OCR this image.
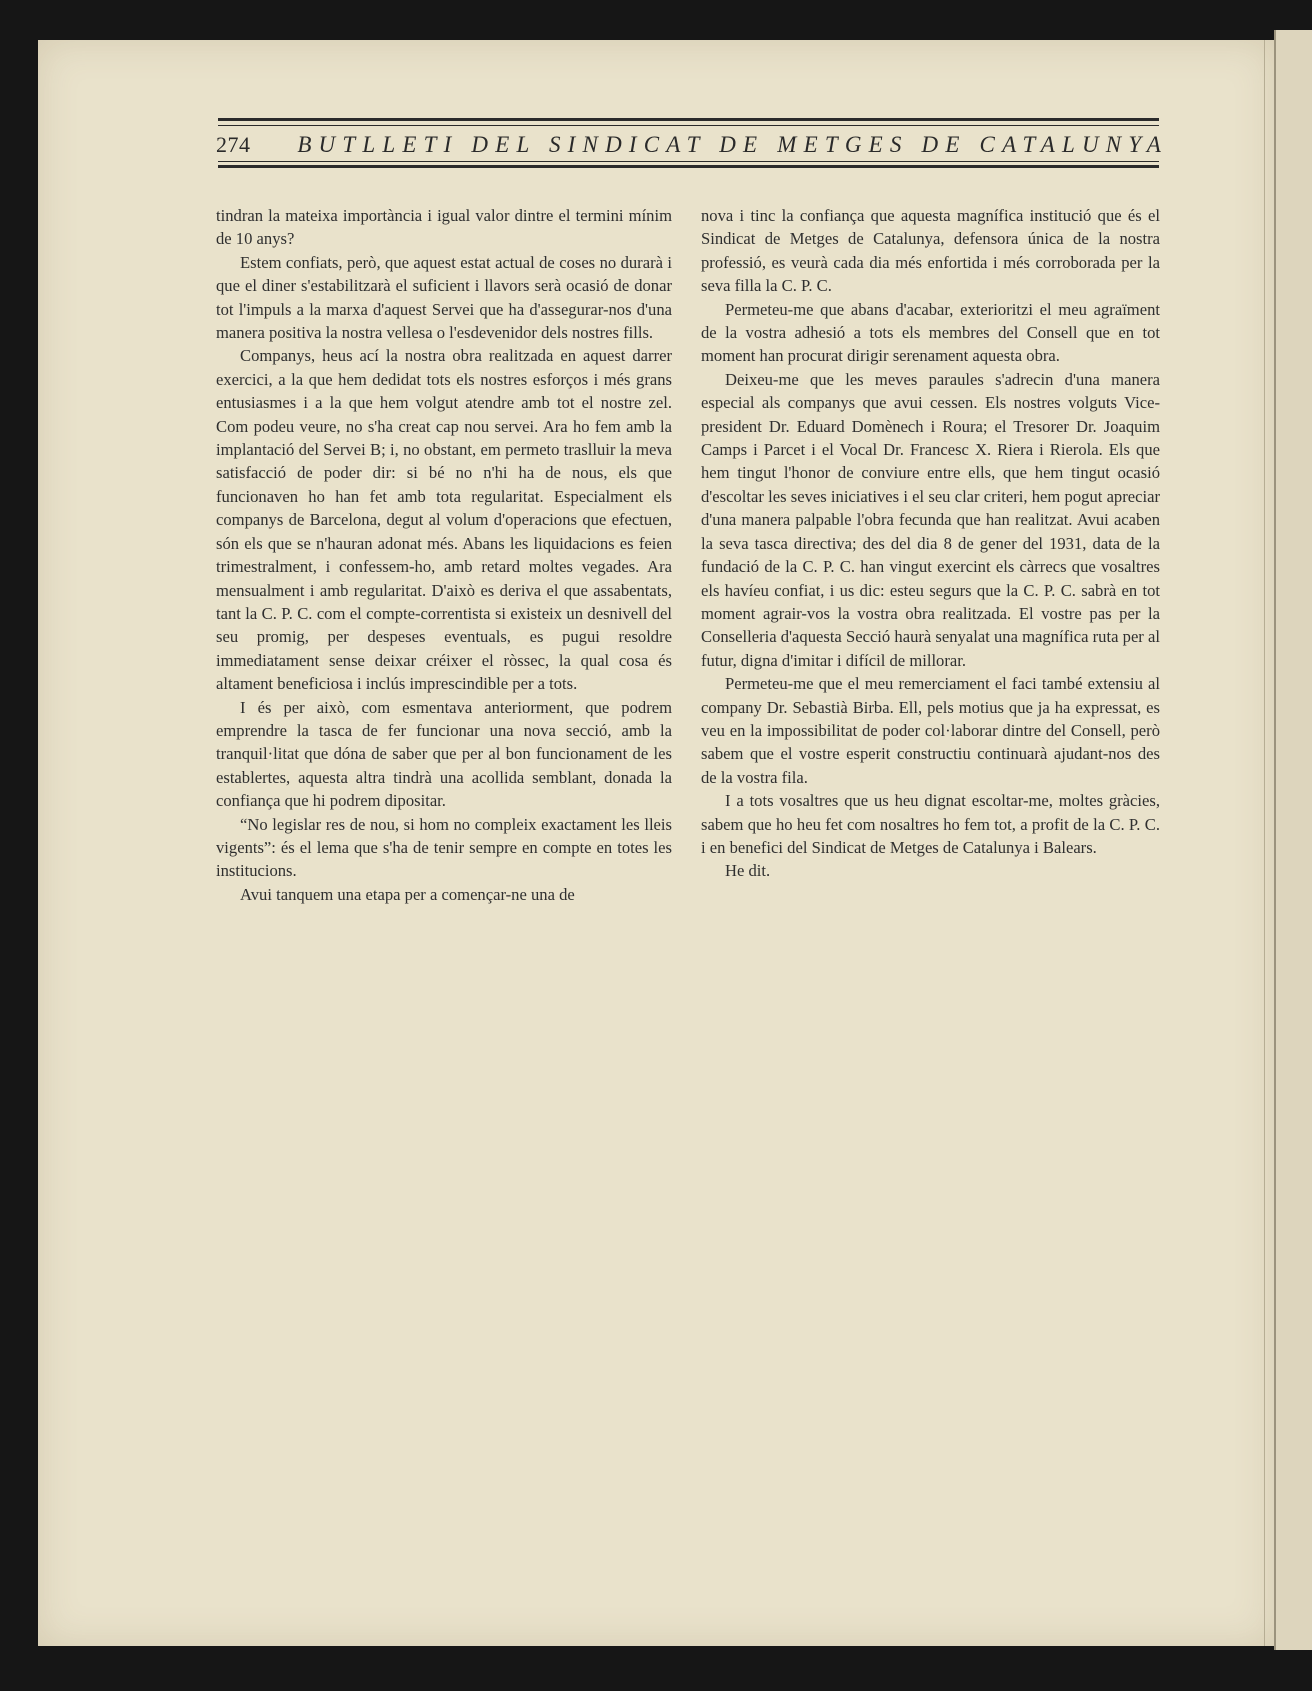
274 BUTLLETI DEL SINDICAT DE METGES DE CATALUNYA

tindran la mateixa importància i igual valor dintre el termini mínim de 10 anys?

Estem confiats, però, que aquest estat actual de coses no durarà i que el diner s'estabilitzarà el suficient i llavors serà ocasió de donar tot l'impuls a la marxa d'aquest Servei que ha d'assegurar-nos d'una manera positiva la nostra vellesa o l'esdevenidor dels nostres fills.

Companys, heus ací la nostra obra realitzada en aquest darrer exercici, a la que hem dedidat tots els nostres esforços i més grans entusiasmes i a la que hem volgut atendre amb tot el nostre zel. Com podeu veure, no s'ha creat cap nou servei. Ara ho fem amb la implantació del Servei B; i, no obstant, em permeto traslluir la meva satisfacció de poder dir: si bé no n'hi ha de nous, els que funcionaven ho han fet amb tota regularitat. Especialment els companys de Barcelona, degut al volum d'operacions que efectuen, són els que se n'hauran adonat més. Abans les liquidacions es feien trimestralment, i confessem-ho, amb retard moltes vegades. Ara mensualment i amb regularitat. D'això es deriva el que assabentats, tant la C. P. C. com el compte-correntista si existeix un desnivell del seu promig, per despeses eventuals, es pugui resoldre immediatament sense deixar créixer el ròssec, la qual cosa és altament beneficiosa i inclús imprescindible per a tots.

I és per això, com esmentava anteriorment, que podrem emprendre la tasca de fer funcionar una nova secció, amb la tranquil·litat que dóna de saber que per al bon funcionament de les establertes, aquesta altra tindrà una acollida semblant, donada la confiança que hi podrem dipositar.

“No legislar res de nou, si hom no compleix exactament les lleis vigents”: és el lema que s'ha de tenir sempre en compte en totes les institucions.

Avui tanquem una etapa per a començar-ne una de

nova i tinc la confiança que aquesta magnífica institució que és el Sindicat de Metges de Catalunya, defensora única de la nostra professió, es veurà cada dia més enfortida i més corroborada per la seva filla la C. P. C.

Permeteu-me que abans d'acabar, exterioritzi el meu agraïment de la vostra adhesió a tots els membres del Consell que en tot moment han procurat dirigir serenament aquesta obra.

Deixeu-me que les meves paraules s'adrecin d'una manera especial als companys que avui cessen. Els nostres volguts Vice-president Dr. Eduard Domènech i Roura; el Tresorer Dr. Joaquim Camps i Parcet i el Vocal Dr. Francesc X. Riera i Rierola. Els que hem tingut l'honor de conviure entre ells, que hem tingut ocasió d'escoltar les seves iniciatives i el seu clar criteri, hem pogut apreciar d'una manera palpable l'obra fecunda que han realitzat. Avui acaben la seva tasca directiva; des del dia 8 de gener del 1931, data de la fundació de la C. P. C. han vingut exercint els càrrecs que vosaltres els havíeu confiat, i us dic: esteu segurs que la C. P. C. sabrà en tot moment agrair-vos la vostra obra realitzada. El vostre pas per la Conselleria d'aquesta Secció haurà senyalat una magnífica ruta per al futur, digna d'imitar i difícil de millorar.

Permeteu-me que el meu remerciament el faci també extensiu al company Dr. Sebastià Birba. Ell, pels motius que ja ha expressat, es veu en la impossibilitat de poder col·laborar dintre del Consell, però sabem que el vostre esperit constructiu continuarà ajudant-nos des de la vostra fila.

I a tots vosaltres que us heu dignat escoltar-me, moltes gràcies, sabem que ho heu fet com nosaltres ho fem tot, a profit de la C. P. C. i en benefici del Sindicat de Metges de Catalunya i Balears.

He dit.
